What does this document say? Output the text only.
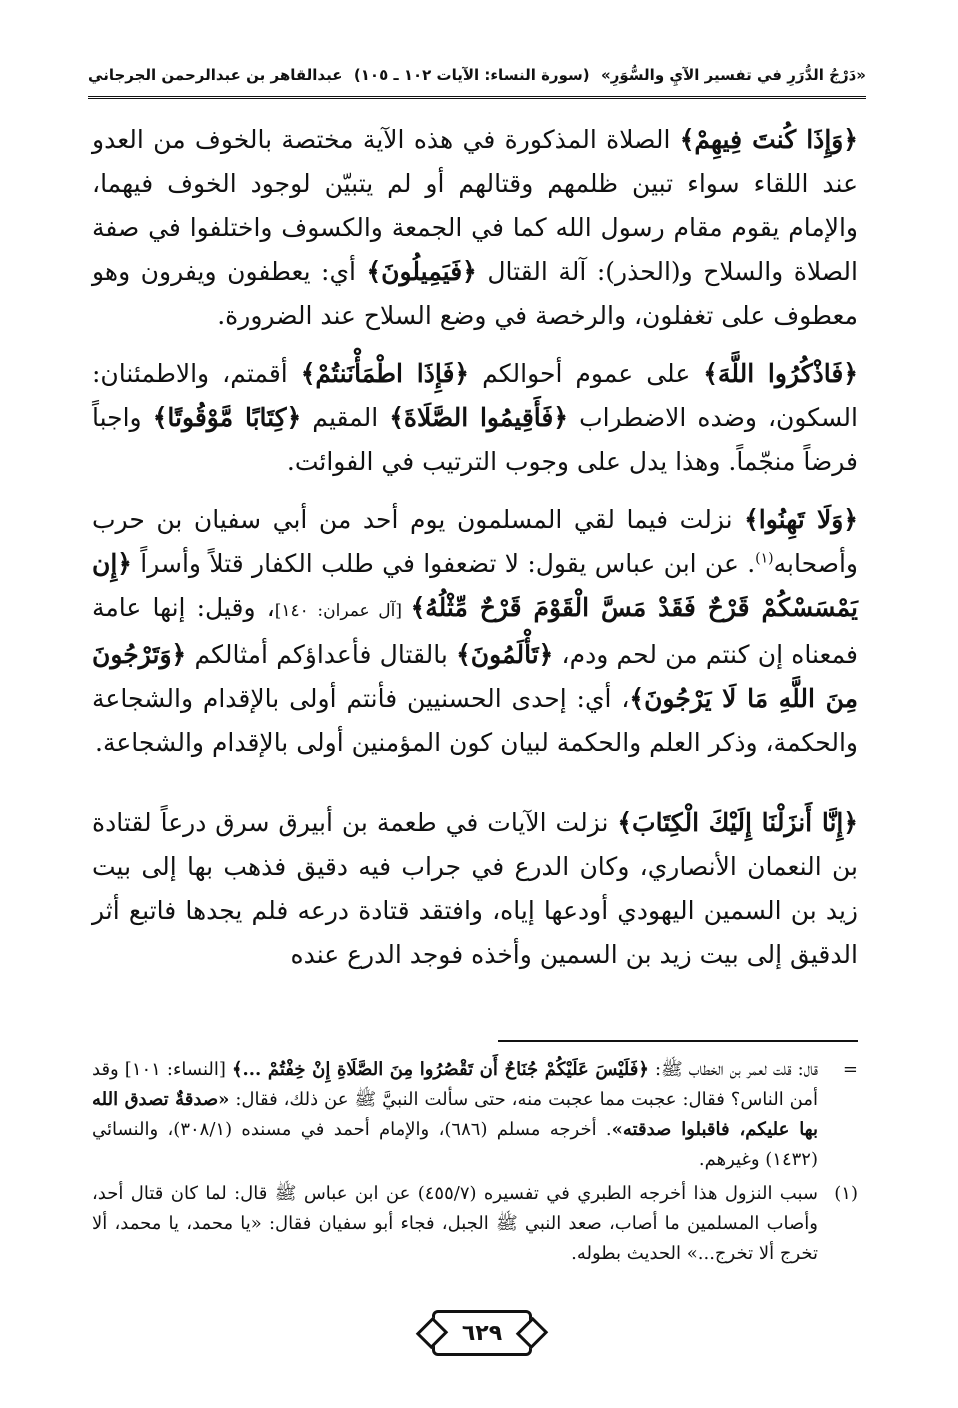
«دَرْجُ الدُّرَرِ في تفسير الآيِ والسُّوَرِ»
(سورة النساء: الآيات ١٠٢ ـ ١٠٥)
عبدالقاهر بن عبدالرحمن الجرجاني

﴿وَإِذَا كُنتَ فِيهِمْ﴾ الصلاة المذكورة في هذه الآية مختصة بالخوف من العدو عند اللقاء سواء تبين ظلمهم وقتالهم أو لم يتبيّن لوجود الخوف فيهما، والإمام يقوم مقام رسول الله كما في الجمعة والكسوف واختلفوا في صفة الصلاة والسلاح و(الحذر): آلة القتال ﴿فَيَمِيلُونَ﴾ أي: يعطفون ويفرون وهو معطوف على تغفلون، والرخصة في وضع السلاح عند الضرورة.

﴿فَاذْكُرُوا اللَّهَ﴾ على عموم أحوالكم ﴿فَإِذَا اطْمَأْنَنتُمْ﴾ أقمتم، والاطمئنان: السكون، وضده الاضطراب ﴿فَأَقِيمُوا الصَّلَاةَ﴾ المقيم ﴿كِتَابًا مَّوْقُوتًا﴾ واجباً فرضاً منجّماً. وهذا يدل على وجوب الترتيب في الفوائت.

﴿وَلَا تَهِنُوا﴾ نزلت فيما لقي المسلمون يوم أحد من أبي سفيان بن حرب وأصحابه$^{(١)}$. عن ابن عباس يقول: لا تضعفوا في طلب الكفار قتلاً وأسراً ﴿إِن يَمْسَسْكُمْ قَرْحٌ فَقَدْ مَسَّ الْقَوْمَ قَرْحٌ مِّثْلُهُ﴾ [آل عمران: ١٤٠]، وقيل: إنها عامة فمعناه إن كنتم من لحم ودم، ﴿تَأْلَمُونَ﴾ بالقتال فأعداؤكم أمثالكم ﴿وَتَرْجُونَ مِنَ اللَّهِ مَا لَا يَرْجُونَ﴾، أي: إحدى الحسنيين فأنتم أولى بالإقدام والشجاعة والحكمة، وذكر العلم والحكمة لبيان كون المؤمنين أولى بالإقدام والشجاعة.

﴿إِنَّا أَنزَلْنَا إِلَيْكَ الْكِتَابَ﴾ نزلت الآيات في طعمة بن أبيرق سرق درعاً لقتادة بن النعمان الأنصاري، وكان الدرع في جراب فيه دقيق فذهب بها إلى بيت زيد بن السمين اليهودي أودعها إياه، وافتقد قتادة درعه فلم يجدها فاتبع أثر الدقيق إلى بيت زيد بن السمين وأخذه فوجد الدرع عنده

=
قال: قلت لعمر بن الخطاب ﷺ: ﴿فَلَيْسَ عَلَيْكُمْ جُنَاحٌ أَن تَقْصُرُوا مِنَ الصَّلَاةِ إِنْ خِفْتُمْ ...﴾ [النساء: ١٠١] وقد أمن الناس؟ فقال: عجبت مما عجبت منه، حتى سألت النبيَّ ﷺ عن ذلك، فقال: «صدقةٌ تصدق الله بها عليكم، فاقبلوا صدقته». أخرجه مسلم (٦٨٦)، والإمام أحمد في مسنده (٣٠٨/١)، والنسائي (١٤٣٢) وغيرهم.
(١)
سبب النزول هذا أخرجه الطبري في تفسيره (٤٥٥/٧) عن ابن عباس ﷺ قال: لما كان قتال أحد، وأصاب المسلمين ما أصاب، صعد النبي ﷺ الجبل، فجاء أبو سفيان فقال: «يا محمد، يا محمد، ألا تخرج ألا تخرج...» الحديث بطوله.
٦٢٩
